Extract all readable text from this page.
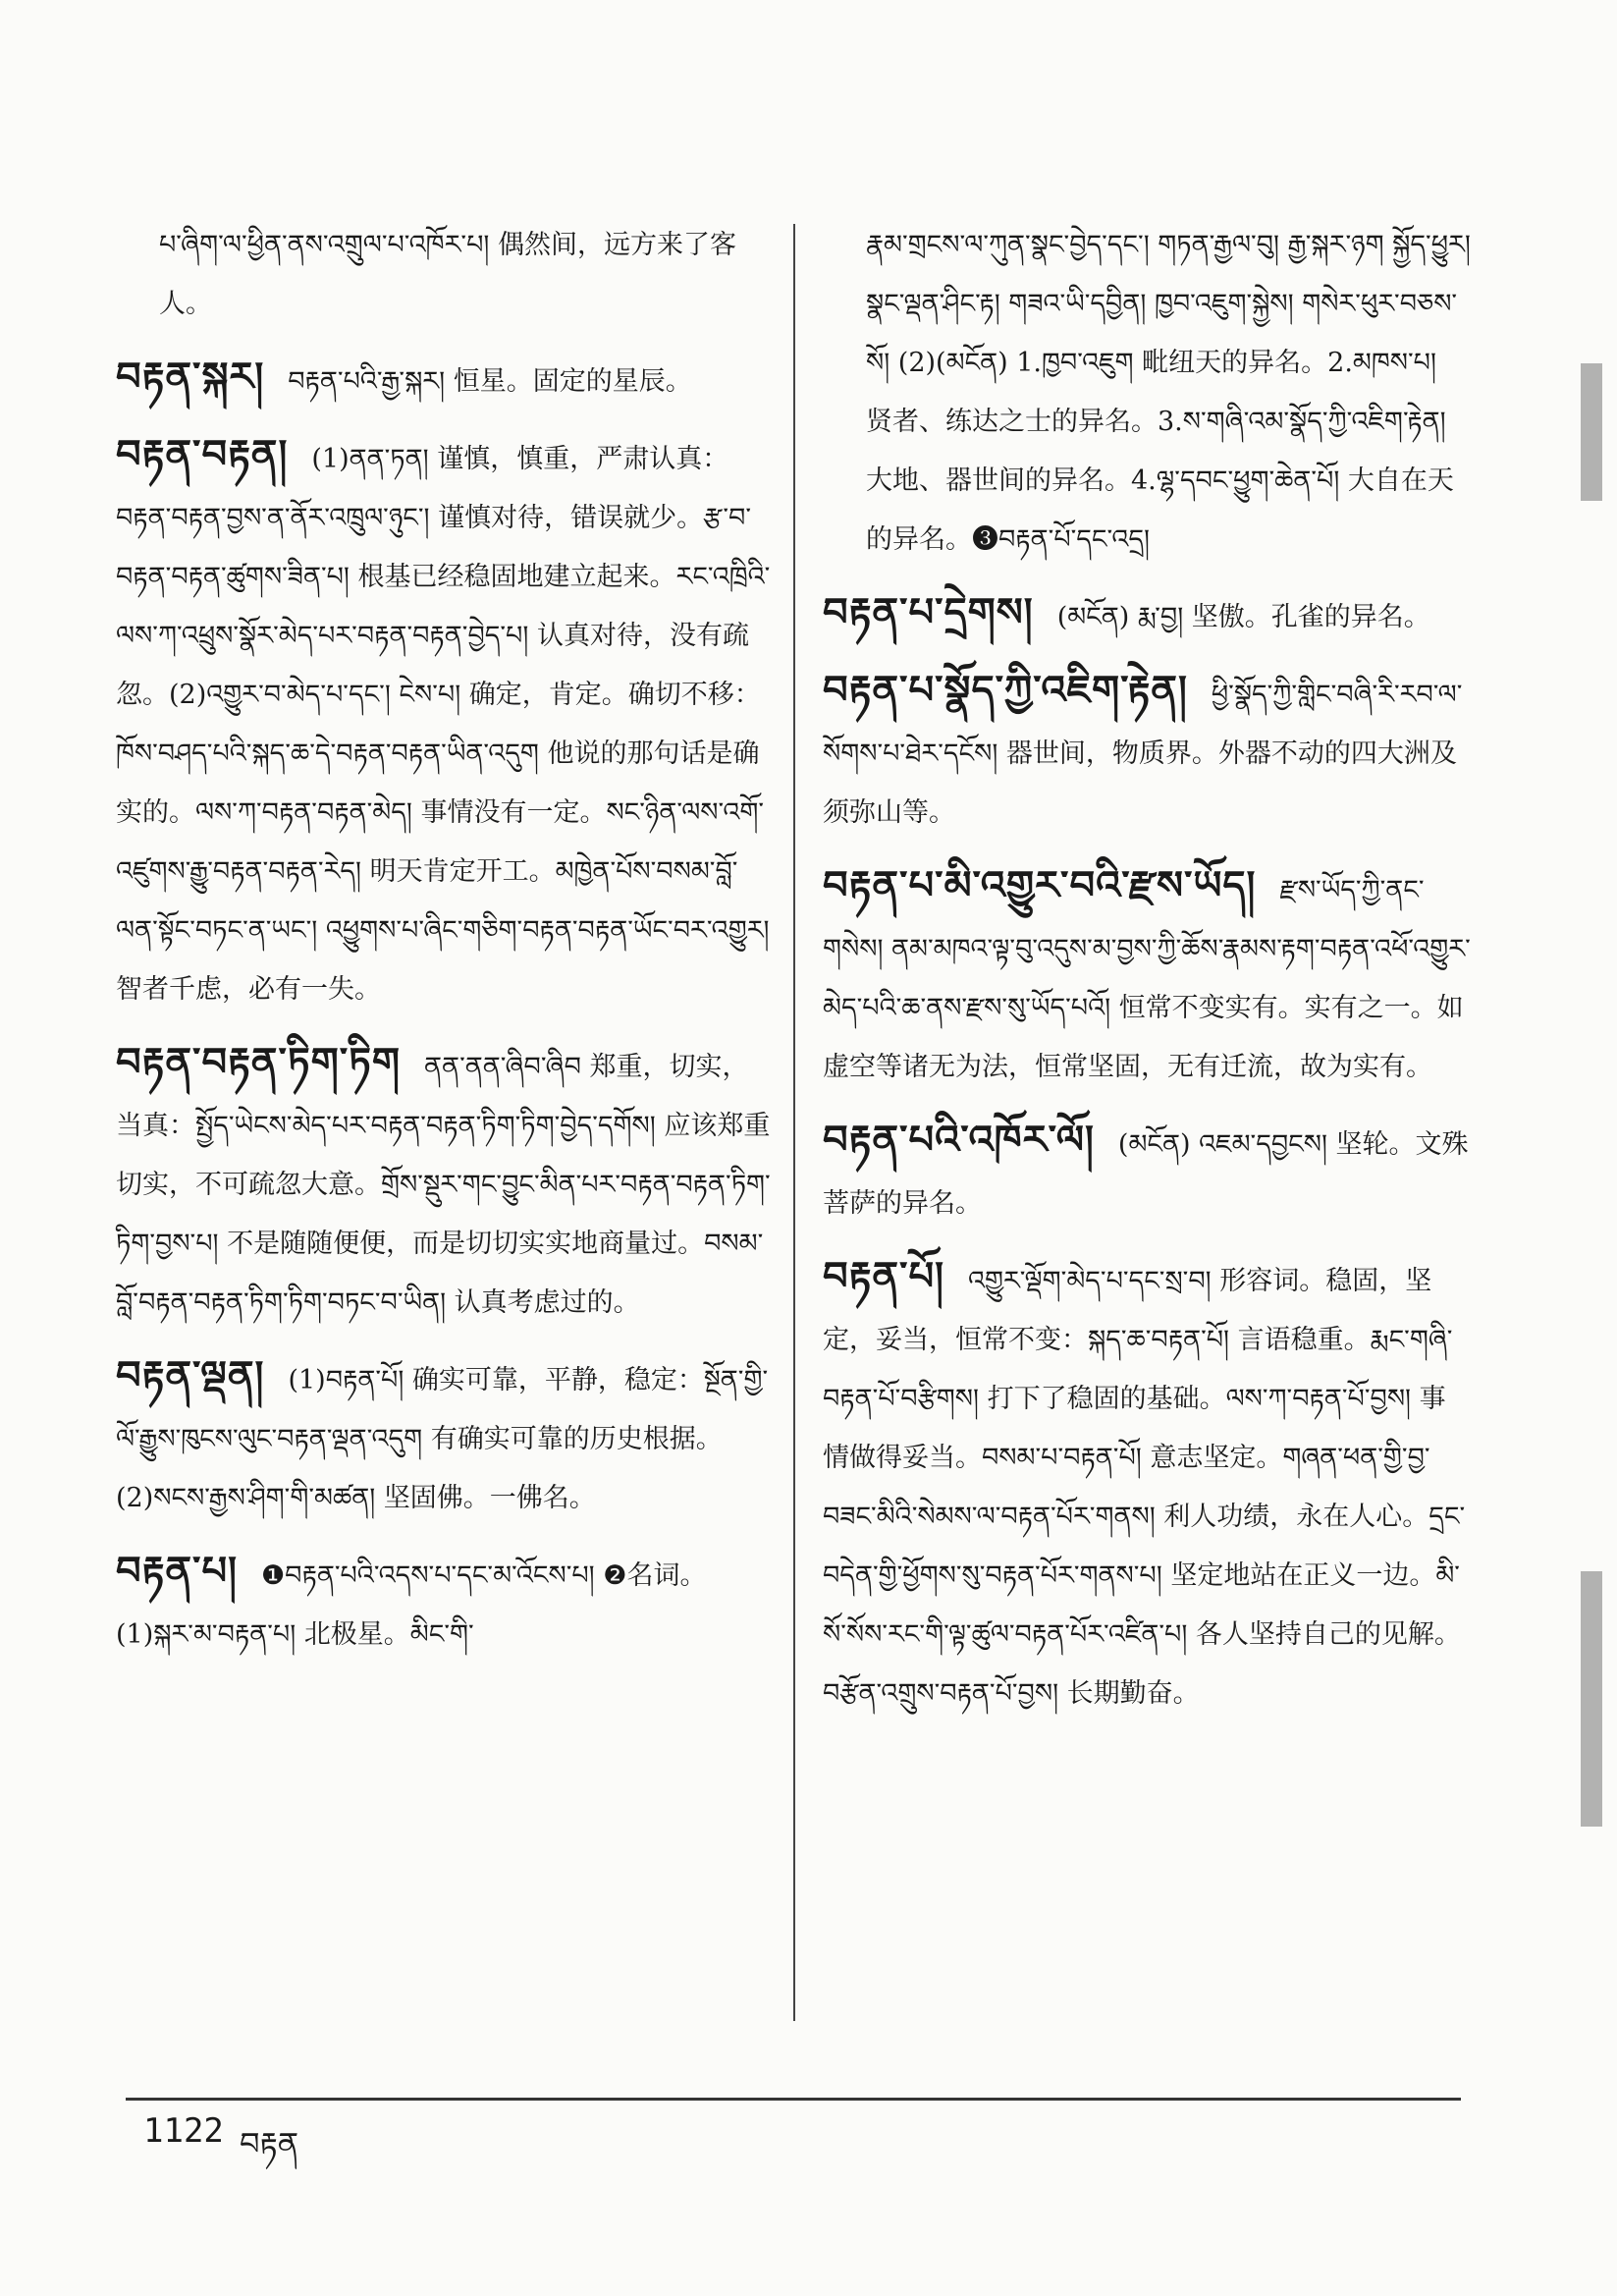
པ་ཞིག་ལ་ཕྱིན་ནས་འགྲུལ་པ་འཁོར་པ། 偶然间，远方来了客人。
བརྟན་སྐར། བརྟན་པའི་རྒྱ་སྐར། 恒星。固定的星辰。
བརྟན་བརྟན། (1)ནན་ཏན། 谨慎，慎重，严肃认真：བརྟན་བརྟན་བྱས་ན་ནོར་འཁྲུལ་ཉུང་། 谨慎对待，错误就少。རྩ་བ་བརྟན་བརྟན་ཚུགས་ཟིན་པ། 根基已经稳固地建立起来。རང་འཁྲིའི་ལས་ཀ་འཕྲུས་སྣོར་མེད་པར་བརྟན་བརྟན་བྱེད་པ། 认真对待，没有疏忽。(2)འགྱུར་བ་མེད་པ་དང་། ངེས་པ། 确定，肯定。确切不移：ཁོས་བཤད་པའི་སྐད་ཆ་དེ་བརྟན་བརྟན་ཡིན་འདུག 他说的那句话是确实的。ལས་ཀ་བརྟན་བརྟན་མེད། 事情没有一定。སང་ཉིན་ལས་འགོ་འཛུགས་རྒྱུ་བརྟན་བརྟན་རེད། 明天肯定开工。མཁྱེན་པོས་བསམ་བློ་ལན་སྟོང་བཏང་ན་ཡང་། འཕྱུགས་པ་ཞིང་གཅིག་བརྟན་བརྟན་ཡོང་བར་འགྱུར། 智者千虑，必有一失。
བརྟན་བརྟན་ཏིག་ཏིག ནན་ནན་ཞིབ་ཞིབ 郑重，切实，当真：སྤྱོད་ཡེངས་མེད་པར་བརྟན་བརྟན་ཏིག་ཏིག་བྱེད་དགོས། 应该郑重切实，不可疏忽大意。གྲོས་སྡུར་གང་བྱུང་མིན་པར་བརྟན་བརྟན་ཏིག་ཏིག་བྱས་པ། 不是随随便便，而是切切实实地商量过。བསམ་བློ་བརྟན་བརྟན་ཏིག་ཏིག་བཏང་བ་ཡིན། 认真考虑过的。
བརྟན་ལྡན། (1)བརྟན་པོ། 确实可靠，平静，稳定：སྔོན་གྱི་ལོ་རྒྱུས་ཁུངས་ལུང་བརྟན་ལྡན་འདུག 有确实可靠的历史根据。(2)སངས་རྒྱས་ཤིག་གི་མཚན། 坚固佛。一佛名。
བརྟན་པ། ❶བརྟན་པའི་འདས་པ་དང་མ་འོངས་པ། ❷名词。(1)སྐར་མ་བརྟན་པ། 北极星。མིང་གི་
རྣམ་གྲངས་ལ་ཀུན་སྣང་བྱེད་དང་། གཏན་རྒྱལ་བུ། རྒྱ་སྐར་ཉག སྐྱོད་ཕྱུར། སྣང་ལྡན་ཤིང་རྟ། གཟའ་ཡི་དབྱིན། ཁྱབ་འཇུག་སྐྱེས། གསེར་ཕུར་བཅས་སོ། (2)(མངོན) 1.ཁྱབ་འཇུག 毗纽天的异名。2.མཁས་པ། 贤者、练达之士的异名。3.ས་གཞི་འམ་སྣོད་ཀྱི་འཇིག་རྟེན། 大地、器世间的异名。4.ལྷ་དབང་ཕྱུག་ཆེན་པོ། 大自在天的异名。❸བརྟན་པོ་དང་འདྲ།
བརྟན་པ་དྲེགས། (མངོན) རྨ་བྱ། 坚傲。孔雀的异名。
བརྟན་པ་སྣོད་ཀྱི་འཇིག་རྟེན། ཕྱི་སྣོད་ཀྱི་གླིང་བཞི་རི་རབ་ལ་སོགས་པ་ཐེར་དངོས། 器世间，物质界。外器不动的四大洲及须弥山等。
བརྟན་པ་མི་འགྱུར་བའི་རྫས་ཡོད། རྫས་ཡོད་ཀྱི་ནང་གསེས། ནམ་མཁའ་ལྟ་བུ་འདུས་མ་བྱས་ཀྱི་ཆོས་རྣམས་རྟག་བརྟན་འཕོ་འགྱུར་མེད་པའི་ཆ་ནས་རྫས་སུ་ཡོད་པའོ། 恒常不变实有。实有之一。如虚空等诸无为法，恒常坚固，无有迁流，故为实有。
བརྟན་པའི་འཁོར་ལོ། (མངོན) འཇམ་དབྱངས། 坚轮。文殊菩萨的异名。
བརྟན་པོ། འགྱུར་ལྡོག་མེད་པ་དང་སྲ་བ། 形容词。稳固，坚定，妥当，恒常不变：སྐད་ཆ་བརྟན་པོ། 言语稳重。རྨང་གཞི་བརྟན་པོ་བརྩིགས། 打下了稳固的基础。ལས་ཀ་བརྟན་པོ་བྱས། 事情做得妥当。བསམ་པ་བརྟན་པོ། 意志坚定。གཞན་ཕན་གྱི་བྱ་བཟང་མིའི་སེམས་ལ་བརྟན་པོར་གནས། 利人功绩，永在人心。དྲང་བདེན་གྱི་ཕྱོགས་སུ་བརྟན་པོར་གནས་པ། 坚定地站在正义一边。མི་སོ་སོས་རང་གི་ལྟ་ཚུལ་བརྟན་པོར་འཛིན་པ། 各人坚持自己的见解。བརྩོན་འགྲུས་བརྟན་པོ་བྱས། 长期勤奋。
1122 བརྟན
